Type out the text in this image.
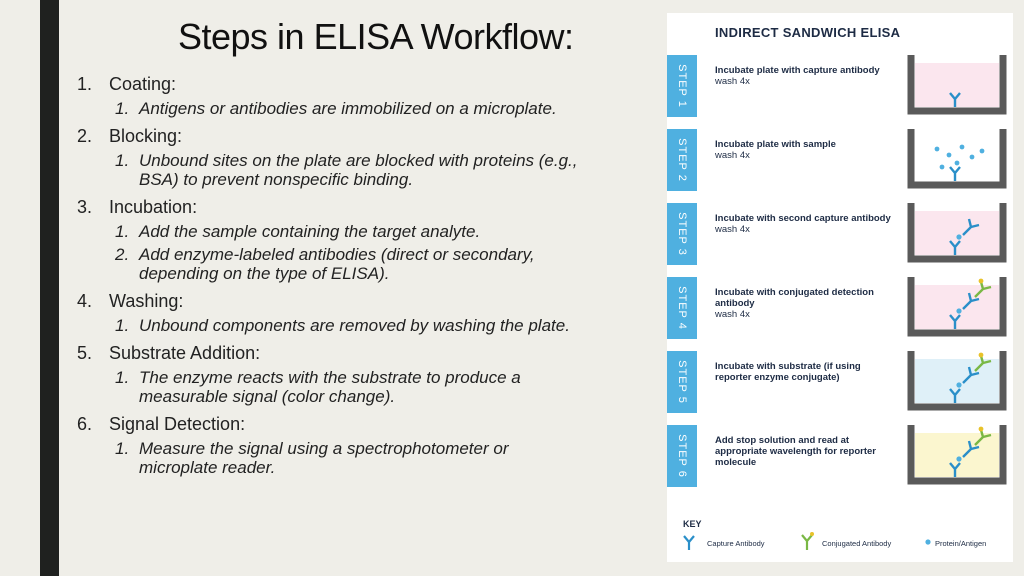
Steps in ELISA Workflow:
1. Coating:
1. Antigens or antibodies are immobilized on a microplate.
2. Blocking:
1. Unbound sites on the plate are blocked with proteins (e.g., BSA) to prevent nonspecific binding.
3. Incubation:
1. Add the sample containing the target analyte.
2. Add enzyme-labeled antibodies (direct or secondary, depending on the type of ELISA).
4. Washing:
1. Unbound components are removed by washing the plate.
5. Substrate Addition:
1. The enzyme reacts with the substrate to produce a measurable signal (color change).
6. Signal Detection:
1. Measure the signal using a spectrophotometer or microplate reader.
INDIRECT SANDWICH ELISA
STEP 1	Incubate plate with capture antibody
wash 4x
STEP 2	Incubate plate with sample
wash 4x
STEP 3	Incubate with second capture antibody
wash 4x
STEP 4	Incubate with conjugated detection antibody
wash 4x
STEP 5	Incubate with substrate (if using reporter enzyme conjugate)

STEP 6	Add stop solution and read at appropriate wavelength for reporter molecule

KEY
Capture Antibody	Conjugated Antibody	Protein/Antigen
